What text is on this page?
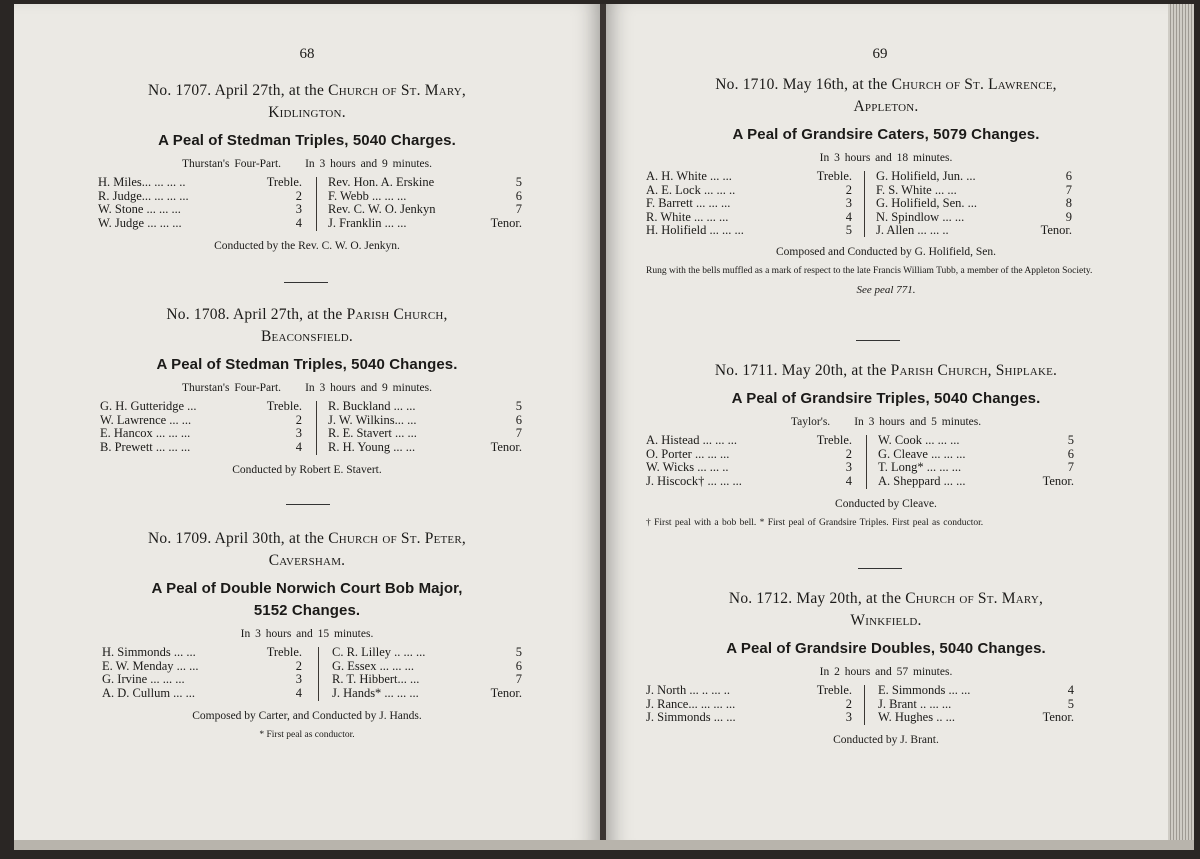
68
No. 1707. April 27th, at the Church of St. Mary,
Kidlington.
A Peal of Stedman Triples, 5040 Charges.
Thurstan's Four-Part. In 3 hours and 9 minutes.
H. Miles... ... ... ..	Treble.
R. Judge... ... ... ...	2
W. Stone ... ... ...	3
W. Judge ... ... ...	4
Rev. Hon. A. Erskine	5
F. Webb ... ... ...	6
Rev. C. W. O. Jenkyn	7
J. Franklin ... ...	Tenor.
Conducted by the Rev. C. W. O. Jenkyn.
No. 1708. April 27th, at the Parish Church,
Beaconsfield.
A Peal of Stedman Triples, 5040 Changes.
Thurstan's Four-Part. In 3 hours and 9 minutes.
G. H. Gutteridge ...	Treble.
W. Lawrence ... ...	2
E. Hancox ... ... ...	3
B. Prewett ... ... ...	4
R. Buckland ... ...	5
J. W. Wilkins... ...	6
R. E. Stavert ... ...	7
R. H. Young ... ...	Tenor.
Conducted by Robert E. Stavert.
No. 1709. April 30th, at the Church of St. Peter,
Caversham.
A Peal of Double Norwich Court Bob Major,
5152 Changes.
In 3 hours and 15 minutes.
H. Simmonds ... ...	Treble.
E. W. Menday ... ...	2
G. Irvine ... ... ...	3
A. D. Cullum ... ...	4
C. R. Lilley .. ... ...	5
G. Essex ... ... ...	6
R. T. Hibbert... ...	7
J. Hands* ... ... ...	Tenor.
Composed by Carter, and Conducted by J. Hands.
* First peal as conductor.
69
No. 1710. May 16th, at the Church of St. Lawrence,
Appleton.
A Peal of Grandsire Caters, 5079 Changes.
In 3 hours and 18 minutes.
A. H. White ... ...	Treble.
A. E. Lock ... ... ..	2
F. Barrett ... ... ...	3
R. White ... ... ...	4
H. Holifield ... ... ...	5
G. Holifield, Jun. ...	6
F. S. White ... ...	7
G. Holifield, Sen. ...	8
N. Spindlow ... ...	9
J. Allen ... ... ..	Tenor.
Composed and Conducted by G. Holifield, Sen.
Rung with the bells muffled as a mark of respect to the late Francis William Tubb, a member of the Appleton Society.
See peal 771.
No. 1711. May 20th, at the Parish Church, Shiplake.
A Peal of Grandsire Triples, 5040 Changes.
Taylor's. In 3 hours and 5 minutes.
A. Histead ... ... ...	Treble.
O. Porter ... ... ...	2
W. Wicks ... ... ..	3
J. Hiscock† ... ... ...	4
W. Cook ... ... ...	5
G. Cleave ... ... ...	6
T. Long* ... ... ...	7
A. Sheppard ... ...	Tenor.
Conducted by Cleave.
† First peal with a bob bell. * First peal of Grandsire Triples. First peal as conductor.
No. 1712. May 20th, at the Church of St. Mary,
Winkfield.
A Peal of Grandsire Doubles, 5040 Changes.
In 2 hours and 57 minutes.
J. North ... .. ... ..	Treble.
J. Rance... ... ... ...	2
J. Simmonds ... ...	3
E. Simmonds ... ...	4
J. Brant .. ... ...	5
W. Hughes .. ...	Tenor.
Conducted by J. Brant.
